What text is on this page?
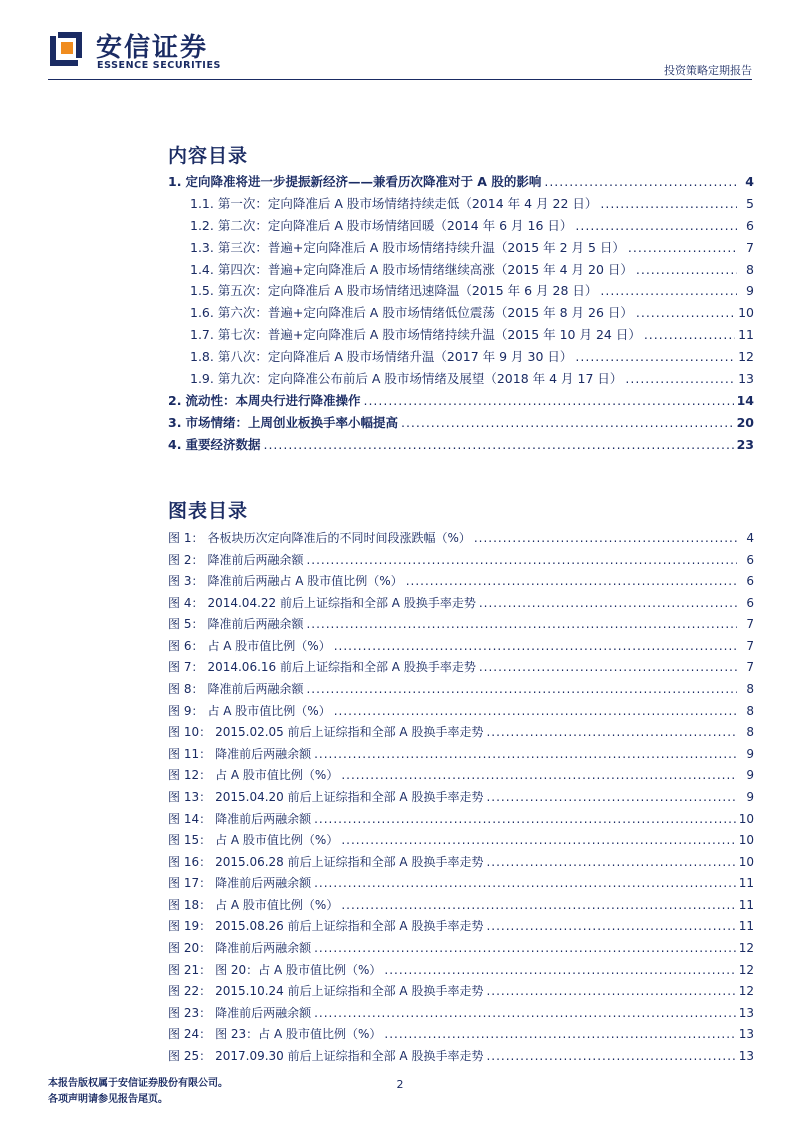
安信证券
ESSENCE SECURITIES	投资策略定期报告
内容目录
1. 定向降准将进一步提振新经济——兼看历次降准对于 A 股的影响 .....	4
1.1. 第一次：定向降准后 A 股市场情绪持续走低（2014 年 4 月 22 日） .....	5
1.2. 第二次：定向降准后 A 股市场情绪回暖（2014 年 6 月 16 日） .....	6
1.3. 第三次：普遍+定向降准后 A 股市场情绪持续升温（2015 年 2 月 5 日） .....	7
1.4. 第四次：普遍+定向降准后 A 股市场情绪继续高涨（2015 年 4 月 20 日） .....	8
1.5. 第五次：定向降准后 A 股市场情绪迅速降温（2015 年 6 月 28 日） .....	9
1.6. 第六次：普遍+定向降准后 A 股市场情绪低位震荡（2015 年 8 月 26 日） .....	10
1.7. 第七次：普遍+定向降准后 A 股市场情绪持续升温（2015 年 10 月 24 日） .....	11
1.8. 第八次：定向降准后 A 股市场情绪升温（2017 年 9 月 30 日） .....	12
1.9. 第九次：定向降准公布前后 A 股市场情绪及展望（2018 年 4 月 17 日） .....	13
2. 流动性：本周央行进行降准操作 .....	14
3. 市场情绪：上周创业板换手率小幅提高 .....	20
4. 重要经济数据 .....	23
图表目录
图 1： 各板块历次定向降准后的不同时间段涨跌幅（%） .....	4
图 2： 降准前后两融余额 .....	6
图 3： 降准前后两融占 A 股市值比例（%） .....	6
图 4： 2014.04.22 前后上证综指和全部 A 股换手率走势 .....	6
图 5： 降准前后两融余额 .....	7
图 6： 占 A 股市值比例（%） .....	7
图 7： 2014.06.16 前后上证综指和全部 A 股换手率走势 .....	7
图 8： 降准前后两融余额 .....	8
图 9： 占 A 股市值比例（%） .....	8
图 10： 2015.02.05 前后上证综指和全部 A 股换手率走势 .....	8
图 11： 降准前后两融余额 .....	9
图 12： 占 A 股市值比例（%） .....	9
图 13： 2015.04.20 前后上证综指和全部 A 股换手率走势 .....	9
图 14： 降准前后两融余额 .....	10
图 15： 占 A 股市值比例（%） .....	10
图 16： 2015.06.28 前后上证综指和全部 A 股换手率走势 .....	10
图 17： 降准前后两融余额 .....	11
图 18： 占 A 股市值比例（%） .....	11
图 19： 2015.08.26 前后上证综指和全部 A 股换手率走势 .....	11
图 20： 降准前后两融余额 .....	12
图 21： 图 20：占 A 股市值比例（%） .....	12
图 22： 2015.10.24 前后上证综指和全部 A 股换手率走势 .....	12
图 23： 降准前后两融余额 .....	13
图 24： 图 23：占 A 股市值比例（%） .....	13
图 25： 2017.09.30 前后上证综指和全部 A 股换手率走势 .....	13
本报告版权属于安信证券股份有限公司。
各项声明请参见报告尾页。
2
